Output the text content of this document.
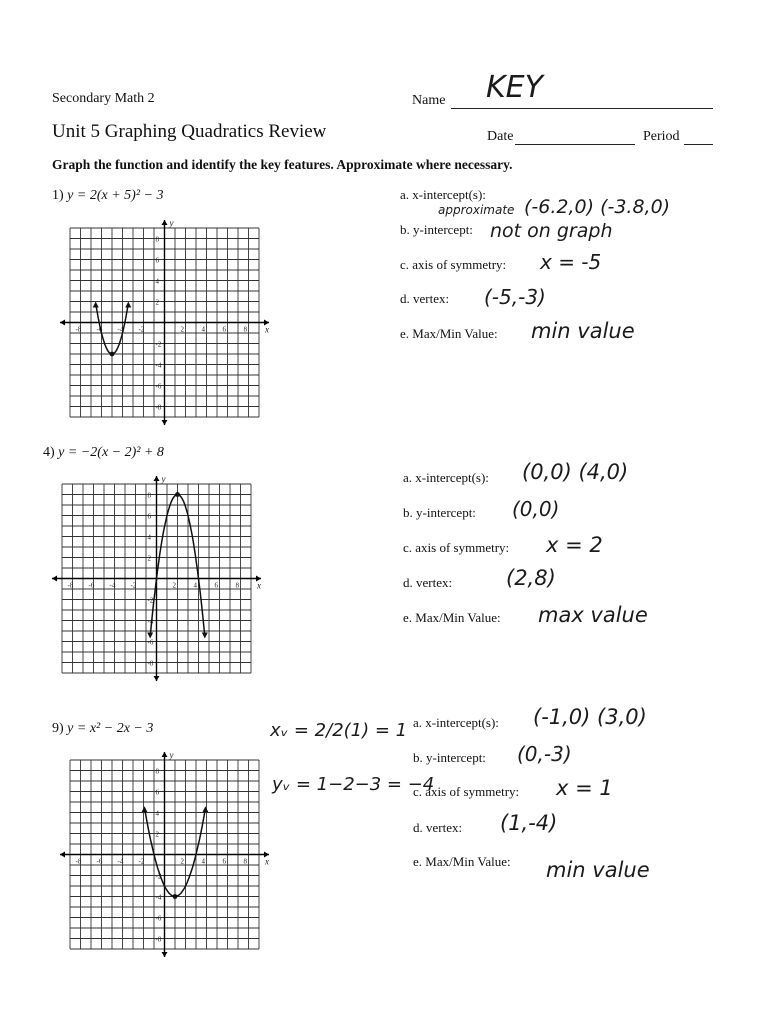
Secondary Math 2	Name KEY
Unit 5 Graphing Quadratics Review	Date	Period
Graph the function and identify the key features. Approximate where necessary.
1) y = 2(x + 5)² − 3
x
y
-8 -6 -4 -2	2	4	6	8
8
6
4
2
-2
-4
-6
-8
a. x-intercept(s):
approximate (-6.2,0) (-3.8,0)
b. y-intercept: not on graph
c. axis of symmetry: x = -5
d. vertex: (-5,-3)
e. Max/Min Value: min value
4) y = −2(x − 2)² + 8
x
y
-8 -6 -4 -2	2	4	6	8
8
6
4
2
-2
-4
-6
-8
a. x-intercept(s): (0,0) (4,0)
b. y-intercept: (0,0)
c. axis of symmetry: x = 2
d. vertex:	(2,8)
e. Max/Min Value: max value
9) y = x² − 2x − 3
x
y
-8 -6 -4 -2	2	4	6	8
8
6
4
2
-2
-4
-6
-8
xᵥ = 2/2(1) = 1
yᵥ = 1−2−3 = −4
a. x-intercept(s): (-1,0) (3,0)
b. y-intercept: (0,-3)
c. axis of symmetry: x = 1
d. vertex: (1,-4)
e. Max/Min Value: min value
